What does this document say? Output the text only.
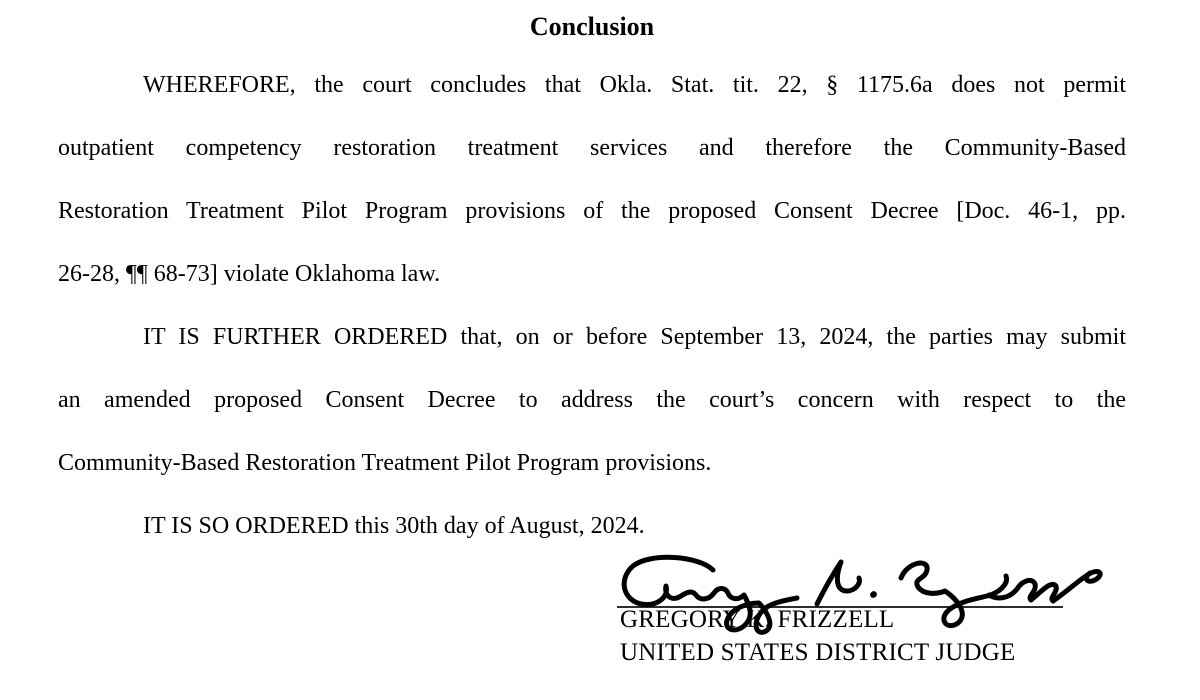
Conclusion
WHEREFORE, the court concludes that Okla. Stat. tit. 22, § 1175.6a does not permit
outpatient competency restoration treatment services and therefore the Community-Based
Restoration Treatment Pilot Program provisions of the proposed Consent Decree [Doc. 46-1, pp.
26-28, ¶¶ 68-73] violate Oklahoma law.
IT IS FURTHER ORDERED that, on or before September 13, 2024, the parties may submit
an amended proposed Consent Decree to address the court’s concern with respect to the
Community-Based Restoration Treatment Pilot Program provisions.
IT IS SO ORDERED this 30th day of August, 2024.
GREGORY K. FRIZZELL
UNITED STATES DISTRICT JUDGE
